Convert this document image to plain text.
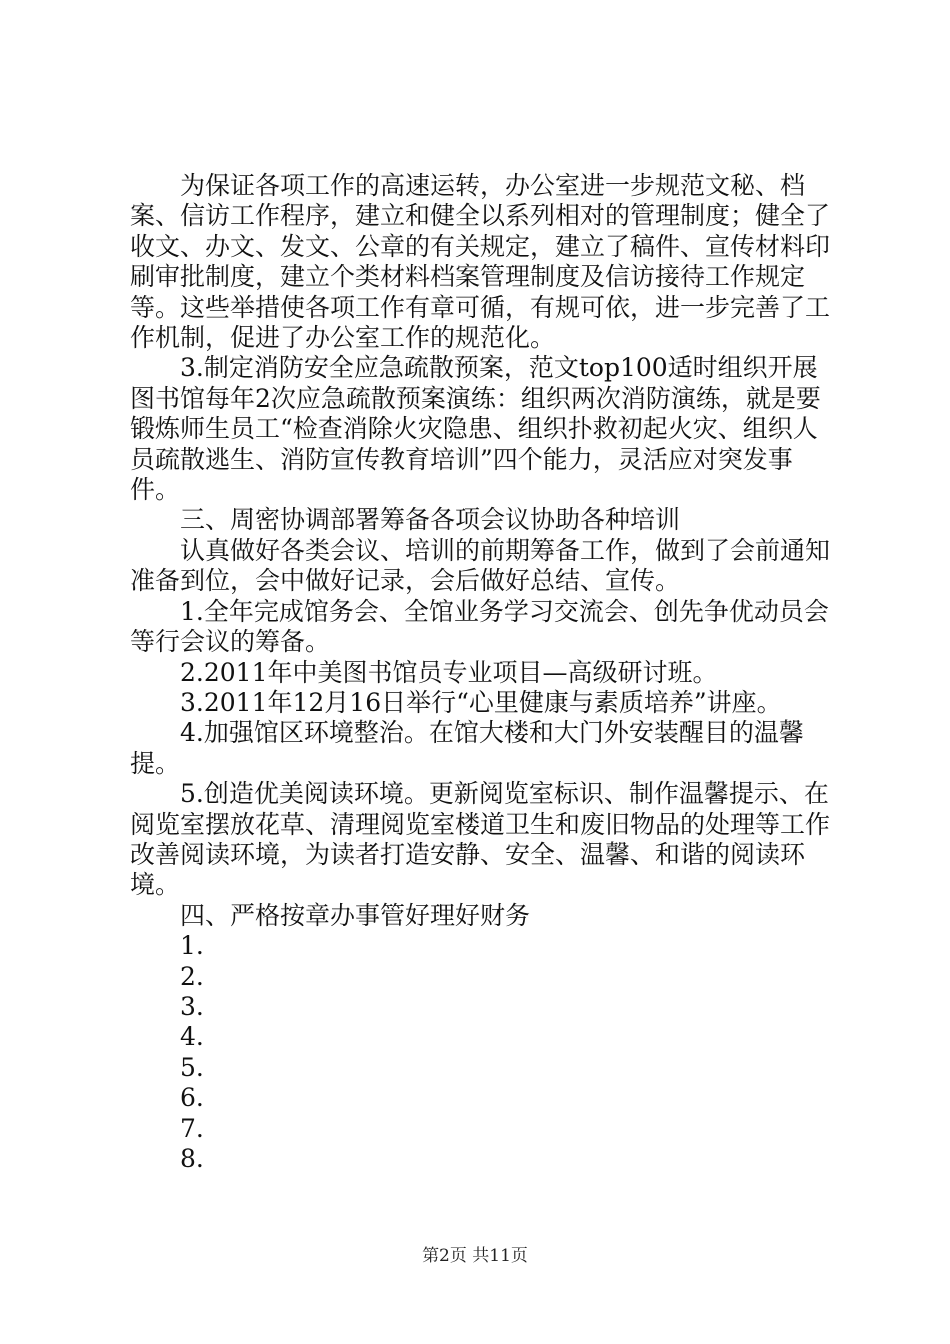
为保证各项工作的高速运转，办公室进一步规范文秘、档案、信访工作程序，建立和健全以系列相对的管理制度；健全了收文、办文、发文、公章的有关规定，建立了稿件、宣传材料印刷审批制度，建立个类材料档案管理制度及信访接待工作规定等。这些举措使各项工作有章可循，有规可依，进一步完善了工作机制，促进了办公室工作的规范化。

3.制定消防安全应急疏散预案，范文top100适时组织开展图书馆每年2次应急疏散预案演练：组织两次消防演练，就是要锻炼师生员工“检查消除火灾隐患、组织扑救初起火灾、组织人员疏散逃生、消防宣传教育培训”四个能力，灵活应对突发事件。

三、周密协调部署筹备各项会议协助各种培训

认真做好各类会议、培训的前期筹备工作，做到了会前通知准备到位，会中做好记录，会后做好总结、宣传。

1.全年完成馆务会、全馆业务学习交流会、创先争优动员会等行会议的筹备。

2.2011年中美图书馆员专业项目—高级研讨班。

3.2011年12月16日举行“心里健康与素质培养”讲座。

4.加强馆区环境整治。在馆大楼和大门外安装醒目的温馨提。

5.创造优美阅读环境。更新阅览室标识、制作温馨提示、在阅览室摆放花草、清理阅览室楼道卫生和废旧物品的处理等工作改善阅读环境，为读者打造安静、安全、温馨、和谐的阅读环境。

四、严格按章办事管好理好财务

1.
2.
3.
4.
5.
6.
7.
8.
第2页 共11页
